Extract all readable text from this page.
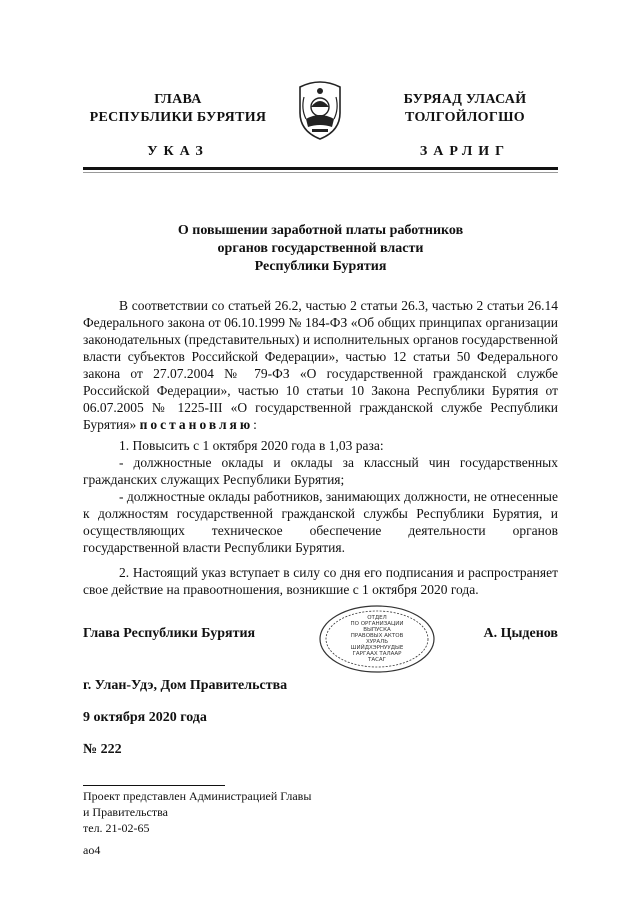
ГЛАВА
РЕСПУБЛИКИ БУРЯТИЯ
БУРЯАД УЛАСАЙ
ТОЛГОЙЛОГШО
УКАЗ	ЗАРЛИГ
О повышении заработной платы работников
органов государственной власти
Республики Бурятия

В соответствии со статьей 26.2, частью 2 статьи 26.3, частью 2 статьи 26.14 Федерального закона от 06.10.1999 № 184-ФЗ «Об общих принципах организации законодательных (представительных) и исполнительных органов государственной власти субъектов Российской Федерации», частью 12 статьи 50 Федерального закона от 27.07.2004 № 79-ФЗ «О государственной гражданской службе Российской Федерации», частью 10 статьи 10 Закона Республики Бурятия от 06.07.2005 № 1225-III «О государственной гражданской службе Республики Бурятия» постановляю:

1. Повысить с 1 октября 2020 года в 1,03 раза:

- должностные оклады и оклады за классный чин государственных гражданских служащих Республики Бурятия;

- должностные оклады работников, занимающих должности, не отнесенные к должностям государственной гражданской службы Республики Бурятия, и осуществляющих техническое обеспечение деятельности органов государственной власти Республики Бурятия.

2. Настоящий указ вступает в силу со дня его подписания и распространяет свое действие на правоотношения, возникшие с 1 октября 2020 года.

Глава Республики Бурятия	А. Цыденов
ОТДЕЛ
ПО ОРГАНИЗАЦИИ
ВЫПУСКА
ПРАВОВЫХ АКТОВ
ХУРАЛЬ
ШИЙДХЭРНУУДЫЕ
ГАРГААХ ТАЛААР
ТАСАГ
г. Улан-Удэ, Дом Правительства
9 октября 2020 года
№ 222
Проект представлен Администрацией Главы
и Правительства
тел. 21-02-65
ао4
